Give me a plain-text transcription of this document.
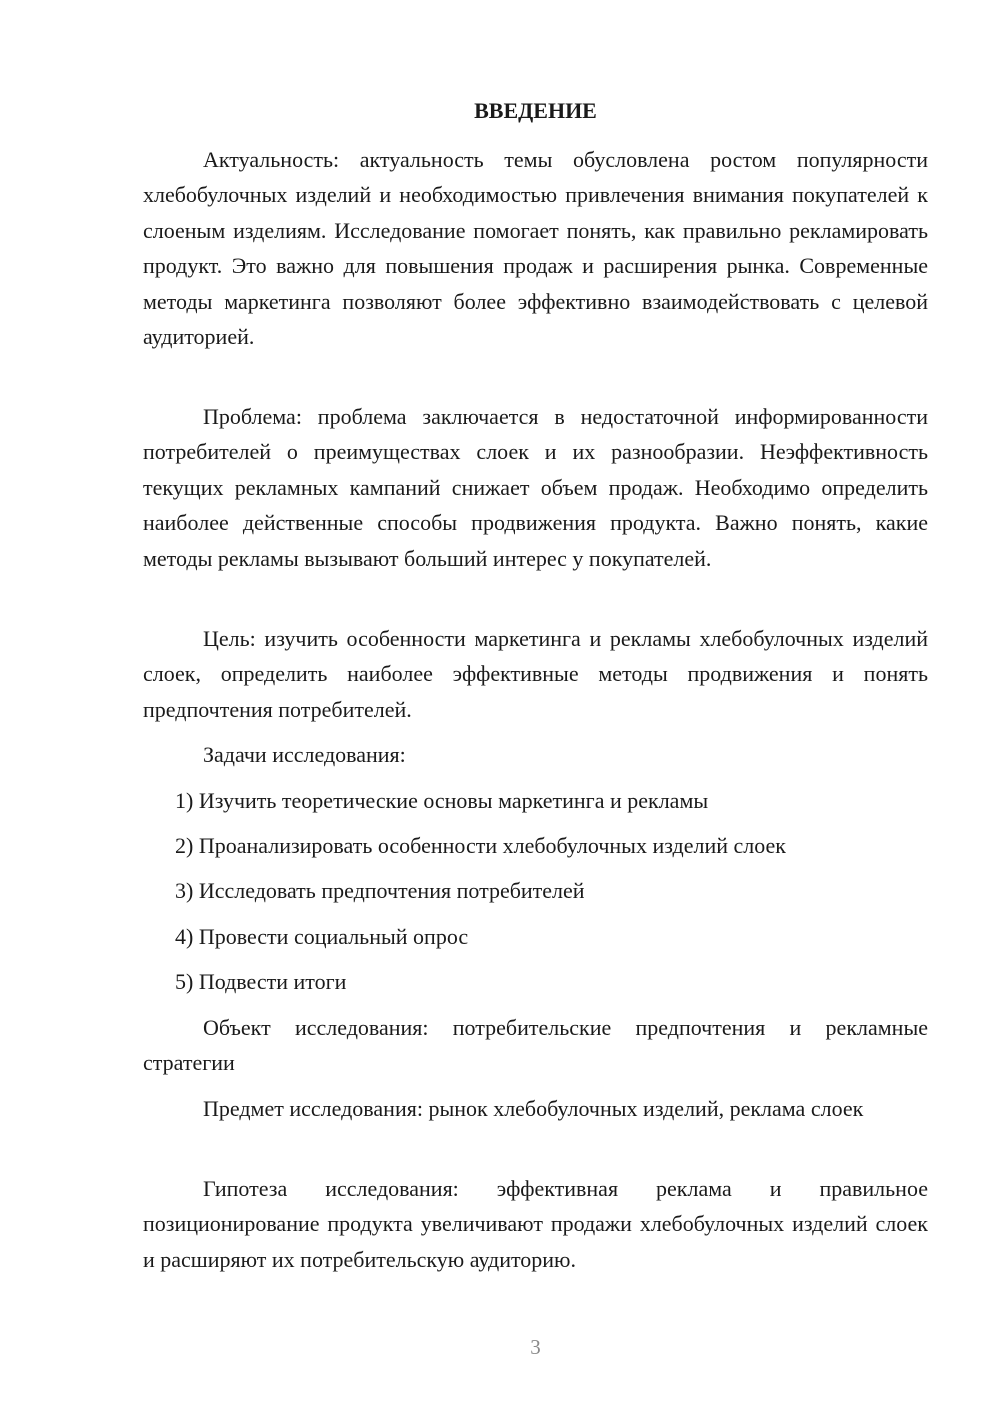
ВВЕДЕНИЕ

Актуальность: актуальность темы обусловлена ростом популярности хлебобулочных изделий и необходимостью привлечения внимания покупателей к слоеным изделиям. Исследование помогает понять, как правильно рекламировать продукт. Это важно для повышения продаж и расширения рынка. Современные методы маркетинга позволяют более эффективно взаимодействовать с целевой аудиторией.

Проблема: проблема заключается в недостаточной информированности потребителей о преимуществах слоек и их разнообразии. Неэффективность текущих рекламных кампаний снижает объем продаж. Необходимо определить наиболее действенные способы продвижения продукта. Важно понять, какие методы рекламы вызывают больший интерес у покупателей.

Цель: изучить особенности маркетинга и рекламы хлебобулочных изделий слоек, определить наиболее эффективные методы продвижения и понять предпочтения потребителей.

Задачи исследования:
1) Изучить теоретические основы маркетинга и рекламы
2) Проанализировать особенности хлебобулочных изделий слоек
3) Исследовать предпочтения потребителей
4) Провести социальный опрос
5) Подвести итоги

Объект исследования: потребительские предпочтения и рекламные стратегии

Предмет исследования: рынок хлебобулочных изделий, реклама слоек

Гипотеза исследования: эффективная реклама и правильное позиционирование продукта увеличивают продажи хлебобулочных изделий слоек и расширяют их потребительскую аудиторию.

3
